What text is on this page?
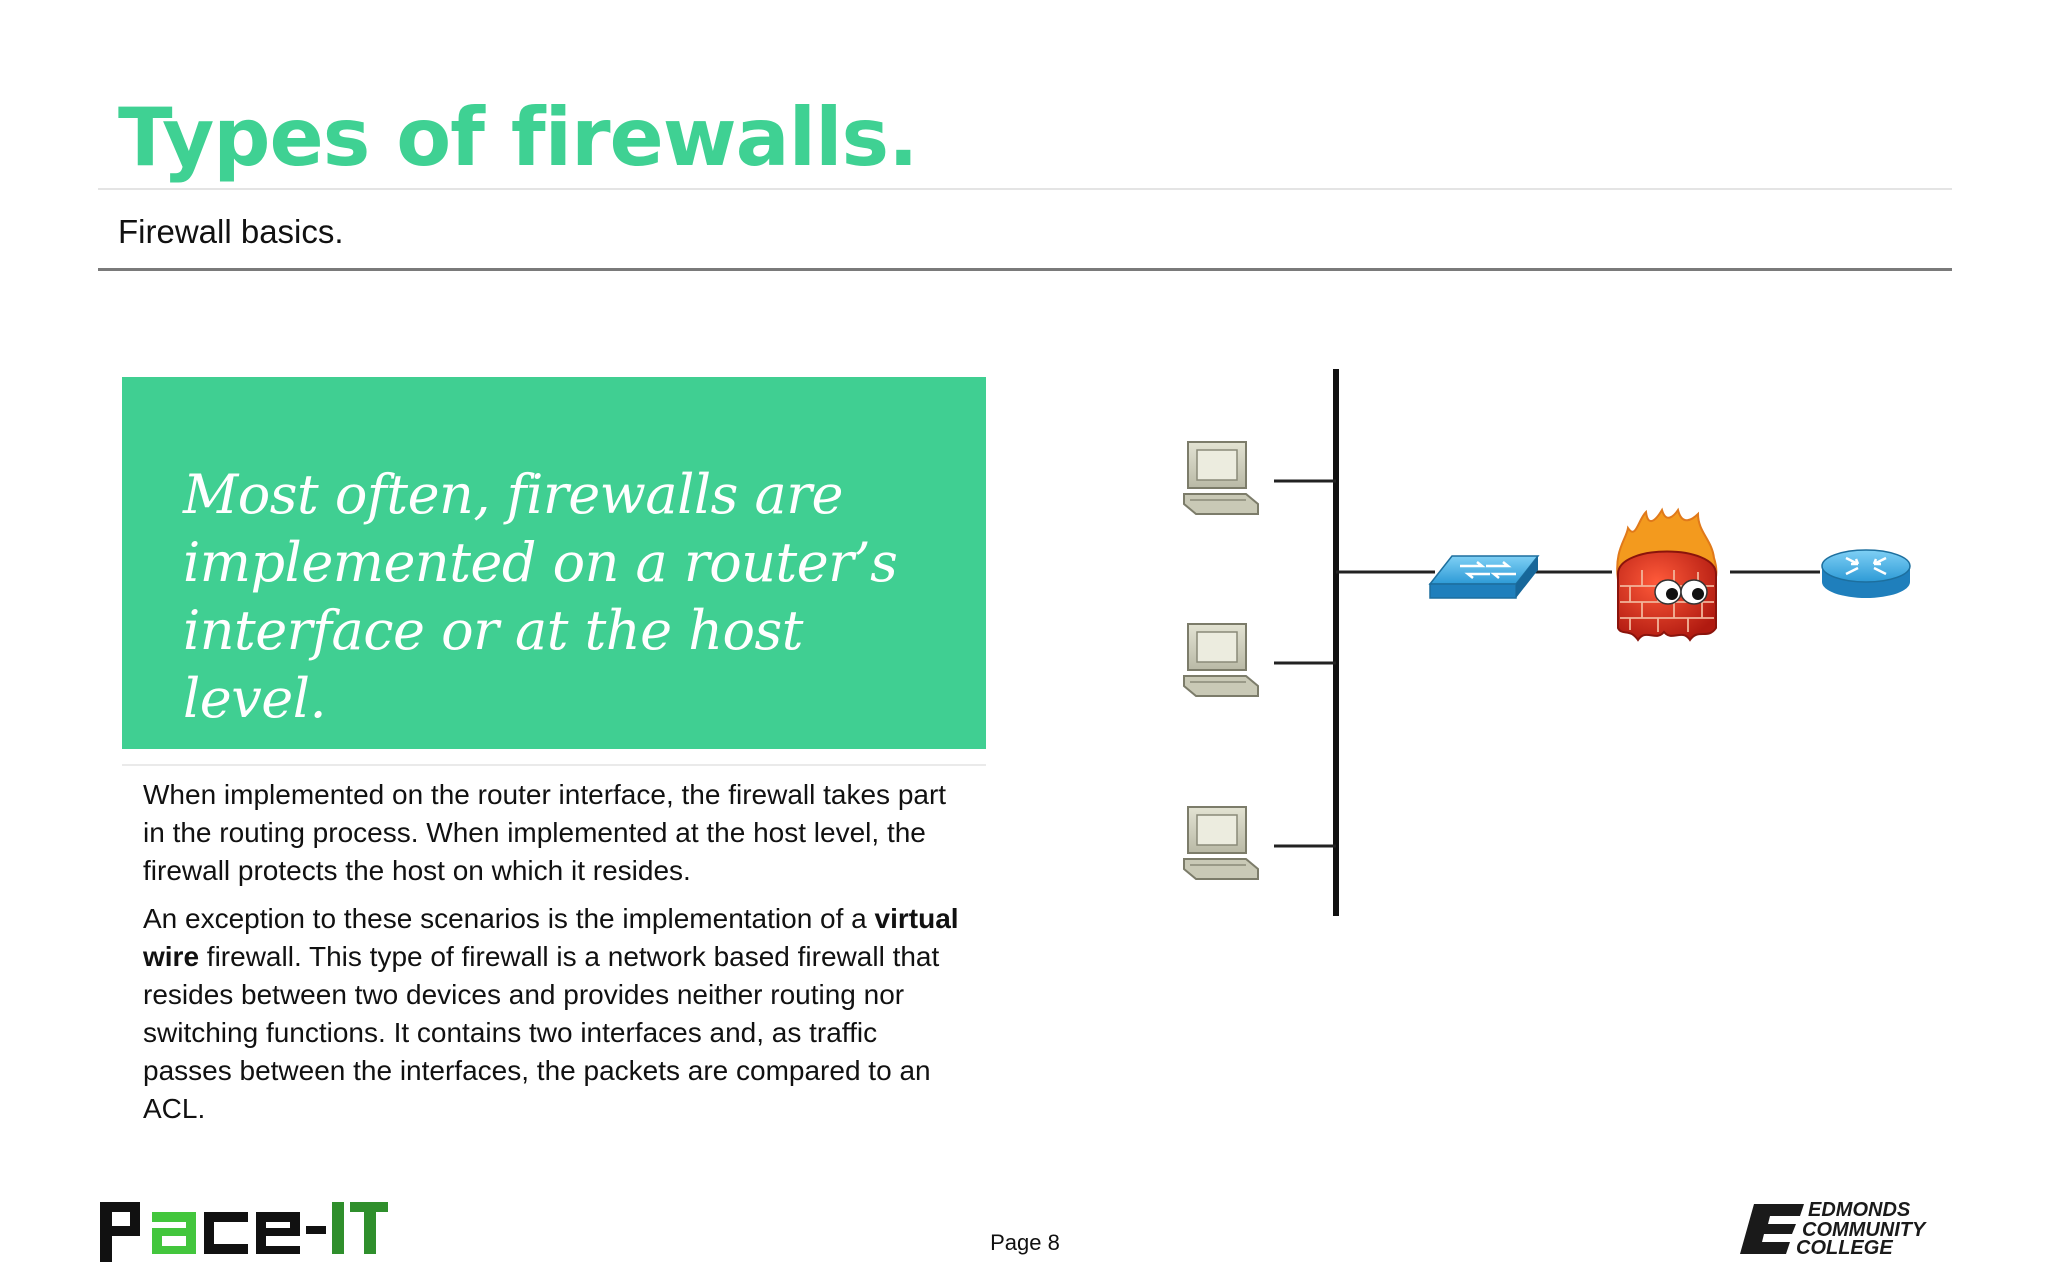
Types of firewalls.
Firewall basics.
Most often, firewalls are implemented on a router’s interface or at the host level.

When implemented on the router interface, the firewall takes part in the routing process. When implemented at the host level, the firewall protects the host on which it resides.

An exception to these scenarios is the implementation of a virtual wire firewall. This type of firewall is a network based firewall that resides between two devices and provides neither routing nor switching functions. It contains two interfaces and, as traffic passes between the interfaces, the packets are compared to an ACL.

Page 8
EDMONDS
COMMUNITY
COLLEGE
